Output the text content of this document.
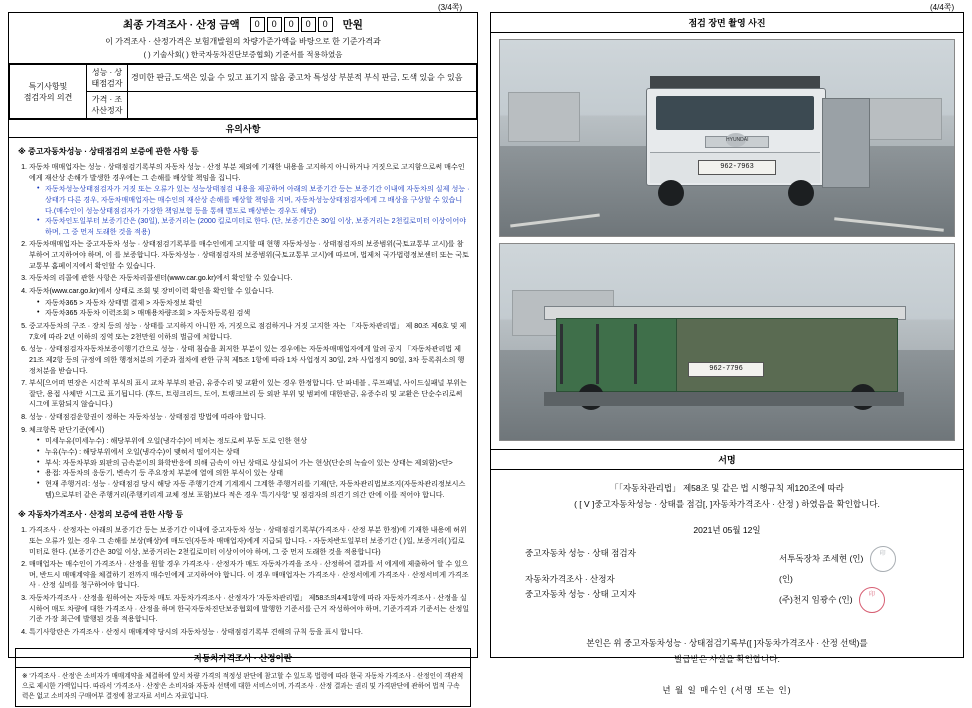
(3/4쪽)
최종 가격조사 · 산정 금액	0	0	0	0	0	만원
이 가격조사 · 산정가격은 보험개발원의 차량가준가액을 바탕으로 한 기준가격과
( ) 기술사회( ) 한국자동차진단보증협회) 기준서를 적용하였음
특기사항및
점검자의 의견	성능 · 상태점검자	경미한 판금,도색은 있을 수 있고 표기지 않음 중고차 특성상 부분적 부식 판금, 도색 있을 수 있음
	가격 · 조사산정자	
유의사항
※ 중고자동차성능 · 상태점검의 보증에 관한 사항 등
1. 자동차 매매업자는 성능 · 상태점검기록부의 자동차 성능 · 산정 부분 제외에 기재한 내용을 고지하지 아니하거나 거짓으로 고지함으로써 매수인에게 재산상 손해가 발생한 경우에는 그 손해를 배상할 책임을 집니다.
• 자동차성능상태점검자가 거짓 또는 오류가 있는 성능상태점검 내용을 제공하여 아래의 보증기간 등는 보증기간 이내에 자동차의 실제 성능 · 상태가 다른 경우, 자동차매매업자는 매수인의 재산상 손해를 배상할 책임을 지며, 자동차성능상태점검자에게 그 배상을 구상할 수 있습니다.(매수인이 성능상태점검자가 가장한 책임보험 등을 통해 별도로 배상받는 경우도 해당)
• 자동차인도일부터 보증기간은 (30일), 보증거리는 (2000 킬로미터로 한다. (단, 보증기간은 30일 이상, 보증거리는 2천킬로미터 이상이어야 하며, 그 중 먼저 도래한 것을 적용)
2. 자동차매매업자는 중고자동차 성능 · 상태점검기록부를 매수인에게 고지할 때 현행 자동차성능 · 상태점검자의 보증범위(국토교통부 고시)를 참부하여 고지하여야 하며, 이 를 보증합니다. 자동차성능 · 상태점검자의 보증범위(국토교통부 고시)에 따르며, 법제처 국가법령정보센터 또는 국토교통부 홈페이지에서 확인할 수 있습니다.
3. 자동차의 리콜에 관한 사항은 자동차리콜센터(www.car.go.kr)에서 확인할 수 있습니다.
4. 자동차(www.car.go.kr)에서 상태로 조회 및 장비이력 확인을 확인할 수 있습니다.
• 자동차365 > 자동차 상태별 결제 > 자동차정보 확인
• 자동차365 자동차 이력조회 > 매매용차량조회 > 자동차등록원 검색
5. 중고자동차의 구조 · 장치 등의 성능 · 상태를 고지하지 아니한 자, 거짓으로 점검하거나 거짓 고지한 자는 「자동차관리법」 제 80조 제6호 및 제7호에 따라 2년 이하의 징역 또는 2천만원 이하의 벌금에 처합니다.
6. 성능 · 상태점검자자동차보증이행기간으로 성능 · 상태 침습을 최저한 부분이 있는 경우에는 자동차매매업자에게 알려 공지 「자동차관리법 제 21조 제2항 등의 규정에 의한 행정처분의 기준과 절차에 관한 규칙 제5조 1항에 따라 1차 사업정지 30일, 2차 사업정지 90일, 3차 등록취소의 행정처분을 받습니다.
7. 부식[으어떠 면장은 시간적 부식의 표시 교차 부부의 판금, 유증수리 및 교환이 있는 경우 한정합니다. 단 파네블 , 루프패널, 사이드실패널 부위는 잘단, 용접 사체만 시그로 표기됩니다. (후드, 트렁크리드, 도어, 트랭크브리 등 외판 부위 및 범퍼에 대한판금, 유증수리 및 교환은 단순수리로써 시그에 포함되지 않습니다.)
8. 성능 · 상태점검운항권이 정하는 자동차성능 · 상태점검 방법에 따라야 합니다.
9. 체크항목 판단기준(예시)
• 미세누유(미세누수) : 해당부위에 오일(냉각수)이 비치는 정도로써 부동 도로 인한 현상
• 누유(누수) : 해당부위에서 오일(냉각수)이 맺혀서 떨어지는 상태
• 부식: 자동차부와 외판의 금속분이의 화학반응에 의해 금속이 아닌 상태로 상실되어 가는 현상(단순의 녹슬이 있는 상태는 제외함)<단>
• 용접: 자동차의 응동기, 변속기 등 주요장치 부분에 열에 의한 부식이 있는 상태
• 현재 주행거리: 성능 · 상태점검 당시 해당 자동 주행기간계 기계계시 그계한 주행거리를 기재(단, 자동차관리법보조지(자동차관리정보시스템)으로부터 같은 주행거리(주행키리계 교체 정보 포함)보다 적은 경우 '특기사항' 및 점검자의 의견기 의간 란에 이를 적어야 합니다.
※ 자동차가격조사 · 산정의 보증에 관한 사항 등
1. 가격조사 · 산정자는 아래의 보증기간 등는 보증기간 이내에 중고자동차 성능 · 상태점검기록부(가격조사 · 산정 부분 한정)에 기재한 내용에 허위 또는 오류가 있는 경우 그 손해를 보상(배상)에 매도인(자동차 매매업자)에게 지급되 합니다. - 자동차반도일부터 보증기간 ( )일, 보증거리( )킬로미터로 한다. (보증기간은 30일 이상, 보증거리는 2천킬로미터 이상이어야 하며, 그 중 먼저 도래한 것을 적용합니다)
2. 매매업자는 매수인이 가격조사 · 산정을 원할 경우 가격조사 · 산정자가 매도 자동차가격을 조사 · 산정하여 결과를 서 에게에 제출하여 할 수 있으며, 반드시 매매계약을 체결하기 전까지 매수인에게 고지하여야 합니다. 이 경우 매매업자는 가격조사 · 산정서에게 가격조사 · 산정서비게 가격조사 · 산정 실비를 청구하여야 합니다.
3. 자동차가격조사 · 산정을 원하여는 자동차 매도 자동차가격조사 · 산정자가 '자동차관리법」 제58조의4제1항에 따라 자동차가격조사 · 산정을 실시하여 매도 차량에 대한 가격조사 · 산정을 하며 한국자동차진단보증협회에 발행한 기준서를 근거 작성하여야 하며, 기준가격과 기준서는 산정일 기준 가장 최근에 발행된 것을 적용합니다.
4. 특기사항란은 가격조사 · 산정시 매매계약 당시의 자동차성능 · 상태점검기록부 견해의 규칙 등을 표시 합니다.
자동차가격조사 · 산정이란
※ '가격조사 · 산정'은 소비자가 매매계약을 체결하에 앞서 차량 가격의 적정성 판단에 참고할 수 있도록 법령에 따라 한국 자동차 가격조사 · 산정인이 객관적으로 제시한 가액입니다. 따라서 '가격조사 · 산정'은 소비자와 자동차 선택에 대한 서비스이며, 가격조사 · 산정 결과는 권리 및 가격판단에 관하여 법적 구속력은 없고 소비자의 구매여부 결정에 참고자료 서비스 자료입니다.
(4/4쪽)
점검 장면 촬영 사진
HYUNDAI
962-7963
962-7796
서명
「「자동차관리법」 제58조 및 같은 법 시행규칙 제120조에 따라
( [ V ]중고자동차성능 · 상태를 점검[, ]자동차가격조사 · 산정 ) 하였음을 확인합니다.
2021년 05월 12일
중고자동차 성능 · 상태 점검자
서투독장차 조세현 (인)	印
자동차가격조사 · 산정자	(인)
중고자동차 성능 · 상태 고지자
(주)천지 임광수 (인)	印
본인은 위 중고자동차성능 · 상태점검기록부([ ]자동차가격조사 · 산정 선택)를
발급받은 사실을 확인합니다.
년 월 일 매수인 (서명 또는 인)
